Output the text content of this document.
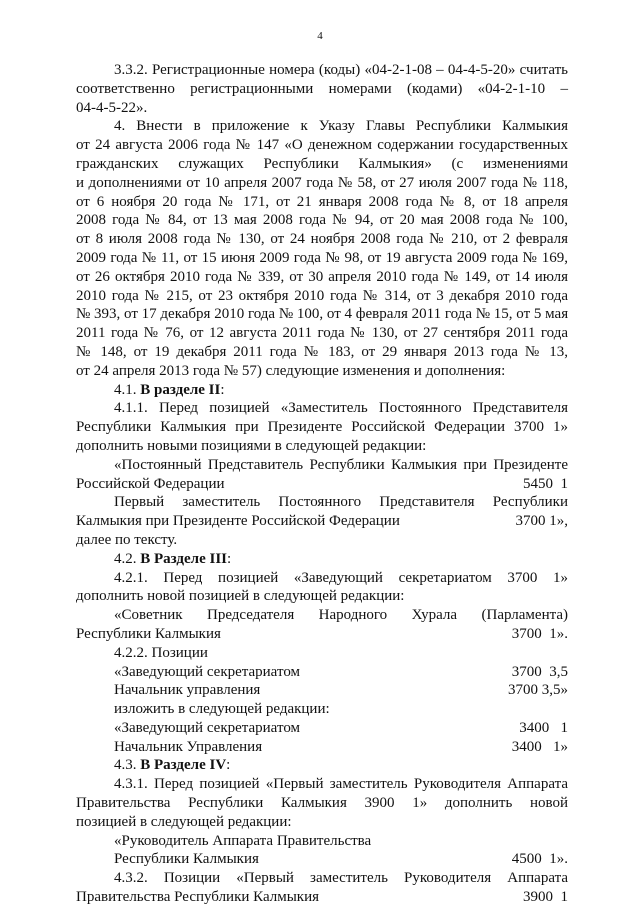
4
3.3.2. Регистрационные номера (коды) «04-2-1-08 – 04-4-5-20» считать
соответственно регистрационными номерами (кодами) «04-2-1-10 –
04-4-5-22».
4. Внести в приложение к Указу Главы Республики Калмыкия
от 24 августа 2006 года № 147 «О денежном содержании государственных
гражданских служащих Республики Калмыкия» (с изменениями
и дополнениями от 10 апреля 2007 года № 58, от 27 июля 2007 года № 118,
от 6 ноября 20 года № 171, от 21 января 2008 года № 8, от 18 апреля
2008 года № 84, от 13 мая 2008 года № 94, от 20 мая 2008 года № 100,
от 8 июля 2008 года № 130, от 24 ноября 2008 года № 210, от 2 февраля
2009 года № 11, от 15 июня 2009 года № 98, от 19 августа 2009 года № 169,
от 26 октября 2010 года № 339, от 30 апреля 2010 года № 149, от 14 июля
2010 года № 215, от 23 октября 2010 года № 314, от 3 декабря 2010 года
№ 393, от 17 декабря 2010 года № 100, от 4 февраля 2011 года № 15, от 5 мая
2011 года № 76, от 12 августа 2011 года № 130, от 27 сентября 2011 года
№ 148, от 19 декабря 2011 года № 183, от 29 января 2013 года № 13,
от 24 апреля 2013 года № 57) следующие изменения и дополнения:
4.1. В разделе II:
4.1.1. Перед позицией «Заместитель Постоянного Представителя
Республики Калмыкия при Президенте Российской Федерации 3700 1»
дополнить новыми позициями в следующей редакции:
«Постоянный Представитель Республики Калмыкия при Президенте
Российской Федерации	5450  1
Первый заместитель Постоянного Представителя Республики
Калмыкия при Президенте Российской Федерации	3700 1»,
далее по тексту.
4.2. В Разделе III:
4.2.1. Перед позицией «Заведующий секретариатом 3700 1»
дополнить новой позицией в следующей редакции:
«Советник Председателя Народного Хурала (Парламента)
Республики Калмыкия	3700  1».
4.2.2. Позиции
«Заведующий секретариатом	3700  3,5
Начальник управления	3700 3,5»
изложить в следующей редакции:
«Заведующий секретариатом	3400   1
Начальник Управления	3400   1»
4.3. В Разделе IV:
4.3.1. Перед позицией «Первый заместитель Руководителя Аппарата
Правительства Республики Калмыкия 3900 1» дополнить новой
позицией в следующей редакции:
«Руководитель Аппарата Правительства
Республики Калмыкия	4500  1».
4.3.2. Позиции «Первый заместитель Руководителя Аппарата
Правительства Республики Калмыкия	3900  1
